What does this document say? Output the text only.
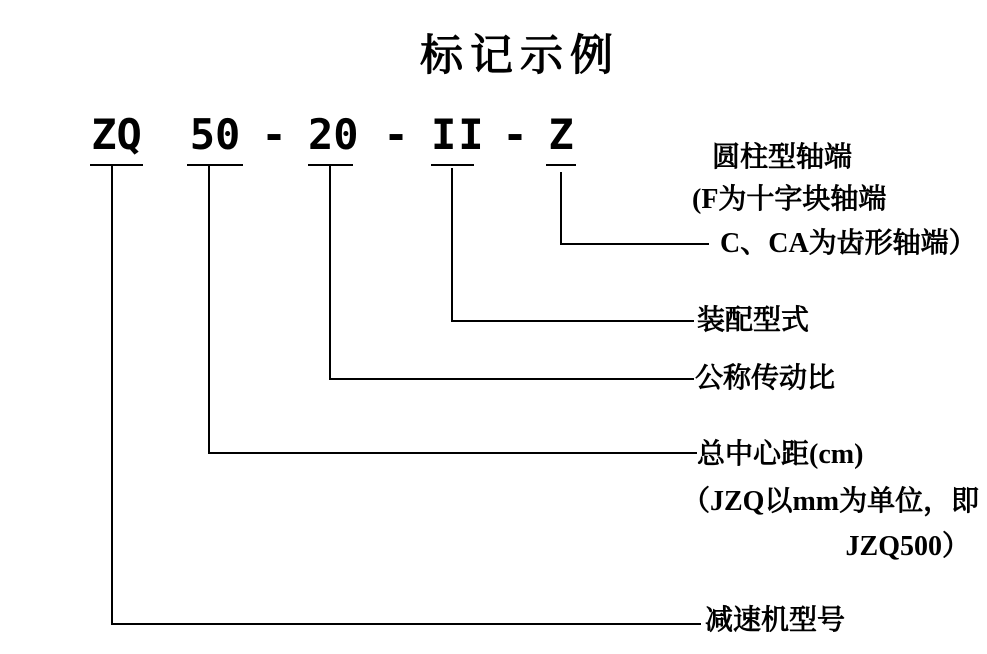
标记示例
ZQ	-
50	-
20	-
II Z	圆柱型轴端
(F为十字块轴端
C、CA为齿形轴端）
装配型式
公称传动比
总中心距(cm)
（JZQ以mm为单位，即
JZQ500）
减速机型号
